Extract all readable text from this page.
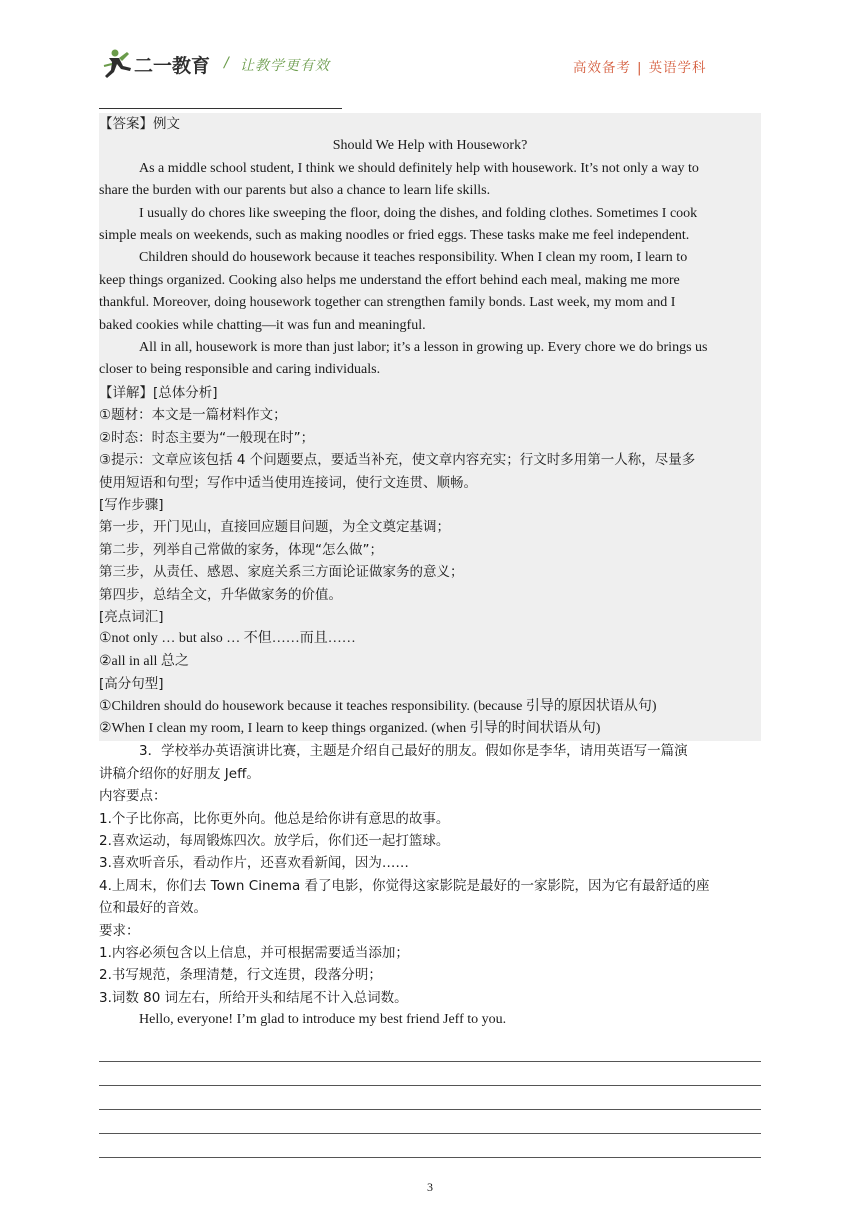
二一教育 / 让教学更有效	高效备考 | 英语学科
【答案】例文
Should We Help with Housework?
As a middle school student, I think we should definitely help with housework. It’s not only a way to
share the burden with our parents but also a chance to learn life skills.
I usually do chores like sweeping the floor, doing the dishes, and folding clothes. Sometimes I cook
simple meals on weekends, such as making noodles or fried eggs. These tasks make me feel independent.
Children should do housework because it teaches responsibility. When I clean my room, I learn to
keep things organized. Cooking also helps me understand the effort behind each meal, making me more
thankful. Moreover, doing housework together can strengthen family bonds. Last week, my mom and I
baked cookies while chatting—it was fun and meaningful.
All in all, housework is more than just labor; it’s a lesson in growing up. Every chore we do brings us
closer to being responsible and caring individuals.
【详解】[总体分析]
①题材：本文是一篇材料作文；
②时态：时态主要为“一般现在时”；
③提示：文章应该包括 4 个问题要点，要适当补充，使文章内容充实；行文时多用第一人称，尽量多
使用短语和句型；写作中适当使用连接词，使行文连贯、顺畅。
[写作步骤]
第一步，开门见山，直接回应题目问题，为全文奠定基调；
第二步，列举自己常做的家务，体现“怎么做”；
第三步，从责任、感恩、家庭关系三方面论证做家务的意义；
第四步，总结全文，升华做家务的价值。
[亮点词汇]
①not only … but also … 不但……而且……
②all in all 总之
[高分句型]
①Children should do housework because it teaches responsibility. (because 引导的原因状语从句)
②When I clean my room, I learn to keep things organized. (when 引导的时间状语从句)
3．学校举办英语演讲比赛，主题是介绍自己最好的朋友。假如你是李华，请用英语写一篇演
讲稿介绍你的好朋友 Jeff。
内容要点：
1.个子比你高，比你更外向。他总是给你讲有意思的故事。
2.喜欢运动，每周锻炼四次。放学后，你们还一起打篮球。
3.喜欢听音乐，看动作片，还喜欢看新闻，因为……
4.上周末，你们去 Town Cinema 看了电影，你觉得这家影院是最好的一家影院，因为它有最舒适的座
位和最好的音效。
要求：
1.内容必须包含以上信息，并可根据需要适当添加；
2.书写规范，条理清楚，行文连贯，段落分明；
3.词数 80 词左右，所给开头和结尾不计入总词数。
Hello, everyone! I’m glad to introduce my best friend Jeff to you.
3
